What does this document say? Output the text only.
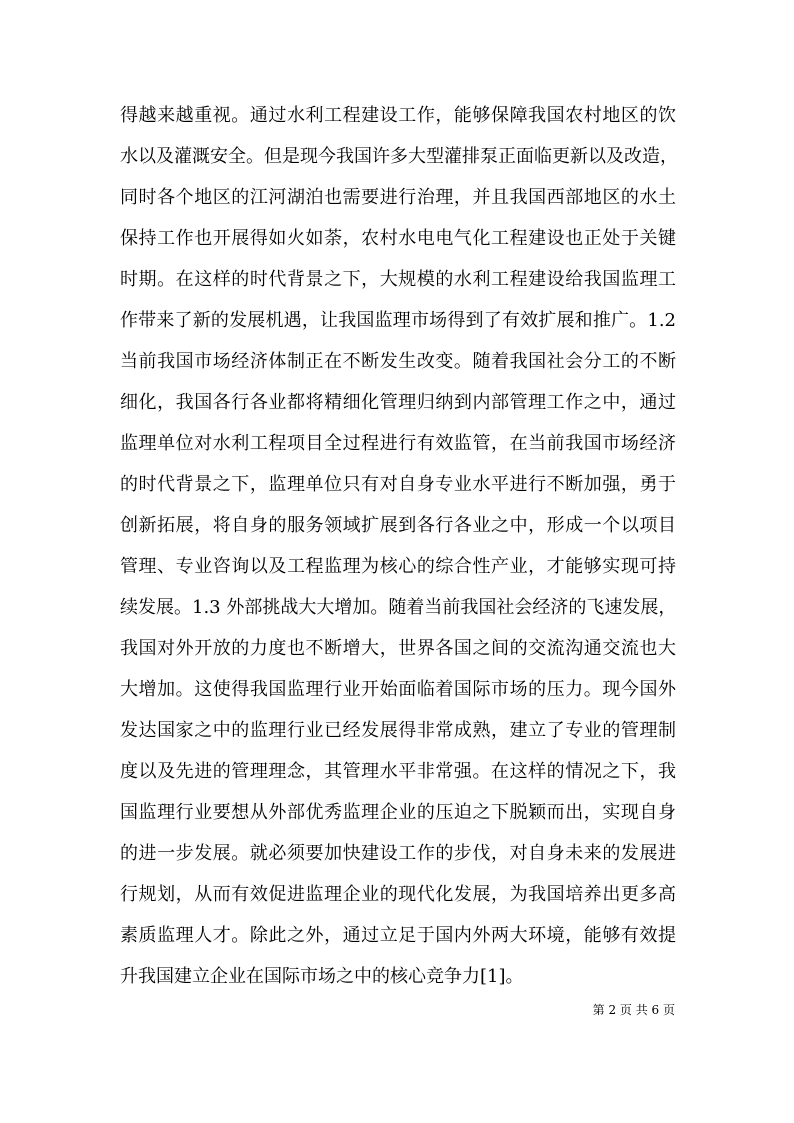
得越来越重视。通过水利工程建设工作，能够保障我国农村地区的饮
水以及灌溉安全。但是现今我国许多大型灌排泵正面临更新以及改造，
同时各个地区的江河湖泊也需要进行治理，并且我国西部地区的水土
保持工作也开展得如火如荼，农村水电电气化工程建设也正处于关键
时期。在这样的时代背景之下，大规模的水利工程建设给我国监理工
作带来了新的发展机遇，让我国监理市场得到了有效扩展和推广。1.2
当前我国市场经济体制正在不断发生改变。随着我国社会分工的不断
细化，我国各行各业都将精细化管理归纳到内部管理工作之中，通过
监理单位对水利工程项目全过程进行有效监管，在当前我国市场经济
的时代背景之下，监理单位只有对自身专业水平进行不断加强，勇于
创新拓展，将自身的服务领域扩展到各行各业之中，形成一个以项目
管理、专业咨询以及工程监理为核心的综合性产业，才能够实现可持
续发展。1.3 外部挑战大大增加。随着当前我国社会经济的飞速发展，
我国对外开放的力度也不断增大，世界各国之间的交流沟通交流也大
大增加。这使得我国监理行业开始面临着国际市场的压力。现今国外
发达国家之中的监理行业已经发展得非常成熟，建立了专业的管理制
度以及先进的管理理念，其管理水平非常强。在这样的情况之下，我
国监理行业要想从外部优秀监理企业的压迫之下脱颖而出，实现自身
的进一步发展。就必须要加快建设工作的步伐，对自身未来的发展进
行规划，从而有效促进监理企业的现代化发展，为我国培养出更多高
素质监理人才。除此之外，通过立足于国内外两大环境，能够有效提
升我国建立企业在国际市场之中的核心竞争力[1]。
第 2 页 共 6 页
